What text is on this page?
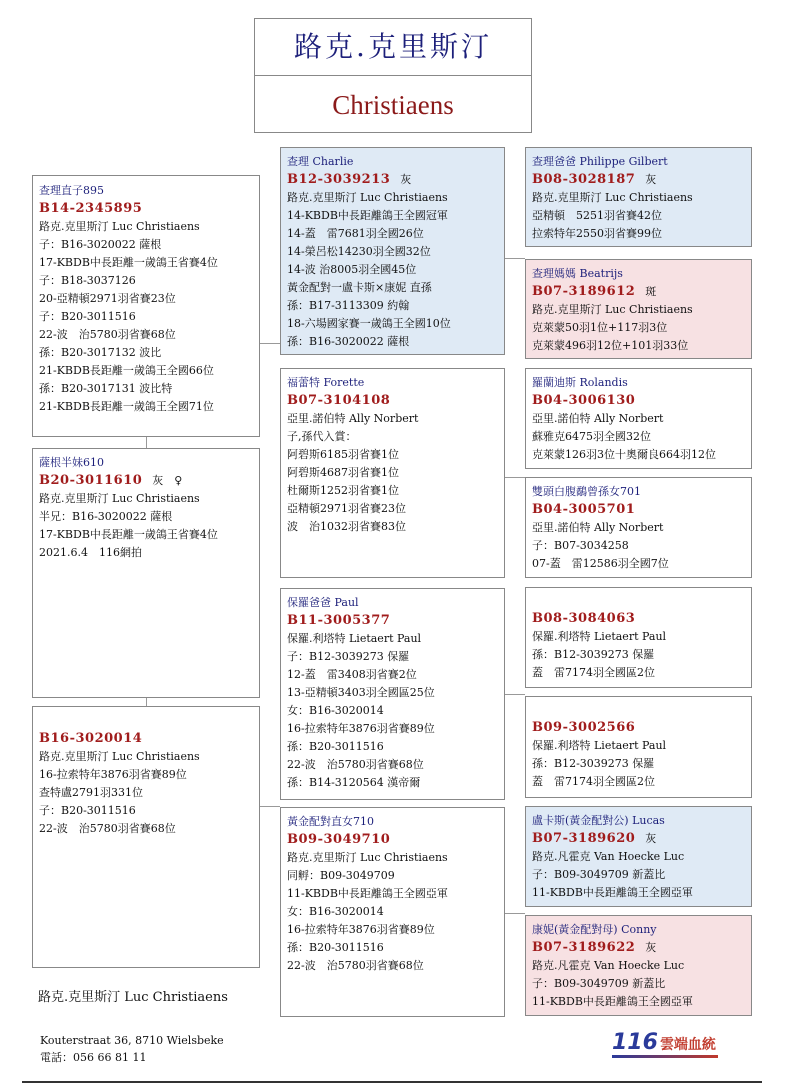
路克.克里斯汀
Christiaens
查理直子895
B14-2345895
路克.克里斯汀 Luc Christiaens
子：B16-3020022 薩根
17-KBDB中長距離一歲鴿王省賽4位
子：B18-3037126
20-亞精頓2971羽省賽23位
子：B20-3011516
22-波　治5780羽省賽68位
孫：B20-3017132 波比
21-KBDB長距離一歲鴿王全國66位
孫：B20-3017131 波比特
21-KBDB長距離一歲鴿王全國71位
薩根半妹610
B20-3011610 灰　♀
路克.克里斯汀 Luc Christiaens
半兄：B16-3020022 薩根
17-KBDB中長距離一歲鴿王省賽4位
2021.6.4　116網拍
B16-3020014
路克.克里斯汀 Luc Christiaens
16-拉索特年3876羽省賽89位
查特盧2791羽331位
子：B20-3011516
22-波　治5780羽省賽68位
查理 Charlie
B12-3039213 灰
路克.克里斯汀 Luc Christiaens
14-KBDB中長距離鴿王全國冠軍
14-蓋　雷7681羽全國26位
14-榮呂松14230羽全國32位
14-波 治8005羽全國45位
黃金配對一盧卡斯×康妮 直孫
孫：B17-3113309 約翰
18-六場國家賽一歲鴿王全國10位
孫：B16-3020022 薩根
福蕾特 Forette
B07-3104108
亞里.諾伯特 Ally Norbert
子,孫代入賞：
阿碧斯6185羽省賽1位
阿碧斯4687羽省賽1位
杜爾斯1252羽省賽1位
亞精頓2971羽省賽23位
波　治1032羽省賽83位
保羅爸爸 Paul
B11-3005377
保羅.利塔特 Lietaert Paul
子：B12-3039273 保羅
12-蓋　雷3408羽省賽2位
13-亞精頓3403羽全國區25位
女：B16-3020014
16-拉索特年3876羽省賽89位
孫：B20-3011516
22-波　治5780羽省賽68位
孫：B14-3120564 漢帝爾
黃金配對直女710
B09-3049710
路克.克里斯汀 Luc Christiaens
同孵：B09-3049709
11-KBDB中長距離鴿王全國亞軍
女：B16-3020014
16-拉索特年3876羽省賽89位
孫：B20-3011516
22-波　治5780羽省賽68位
查理爸爸 Philippe Gilbert
B08-3028187 灰
路克.克里斯汀 Luc Christiaens
亞精頓　5251羽省賽42位
拉索特年2550羽省賽99位
查理媽媽 Beatrijs
B07-3189612 斑
路克.克里斯汀 Luc Christiaens
克萊蒙50羽1位+117羽3位
克萊蒙496羽12位+101羽33位
羅蘭迪斯 Rolandis
B04-3006130
亞里.諾伯特 Ally Norbert
蘇雅克6475羽全國32位
克萊蒙126羽3位十奧爾良664羽12位
雙頭白腹鷸曾孫女701
B04-3005701
亞里.諾伯特 Ally Norbert
子：B07-3034258
07-蓋　雷12586羽全國7位
B08-3084063
保羅.利塔特 Lietaert Paul
孫：B12-3039273 保羅
蓋　雷7174羽全國區2位
B09-3002566
保羅.利塔特 Lietaert Paul
孫：B12-3039273 保羅
蓋　雷7174羽全國區2位
盧卡斯(黃金配對公) Lucas
B07-3189620 灰
路克.凡霍克 Van Hoecke Luc
子：B09-3049709 新蓋比
11-KBDB中長距離鴿王全國亞軍
康妮(黃金配對母) Conny
B07-3189622 灰
路克.凡霍克 Van Hoecke Luc
子：B09-3049709 新蓋比
11-KBDB中長距離鴿王全國亞軍
路克.克里斯汀 Luc Christiaens
Kouterstraat 36, 8710 Wielsbeke
電話：056 66 81 11
116 雲端血統
